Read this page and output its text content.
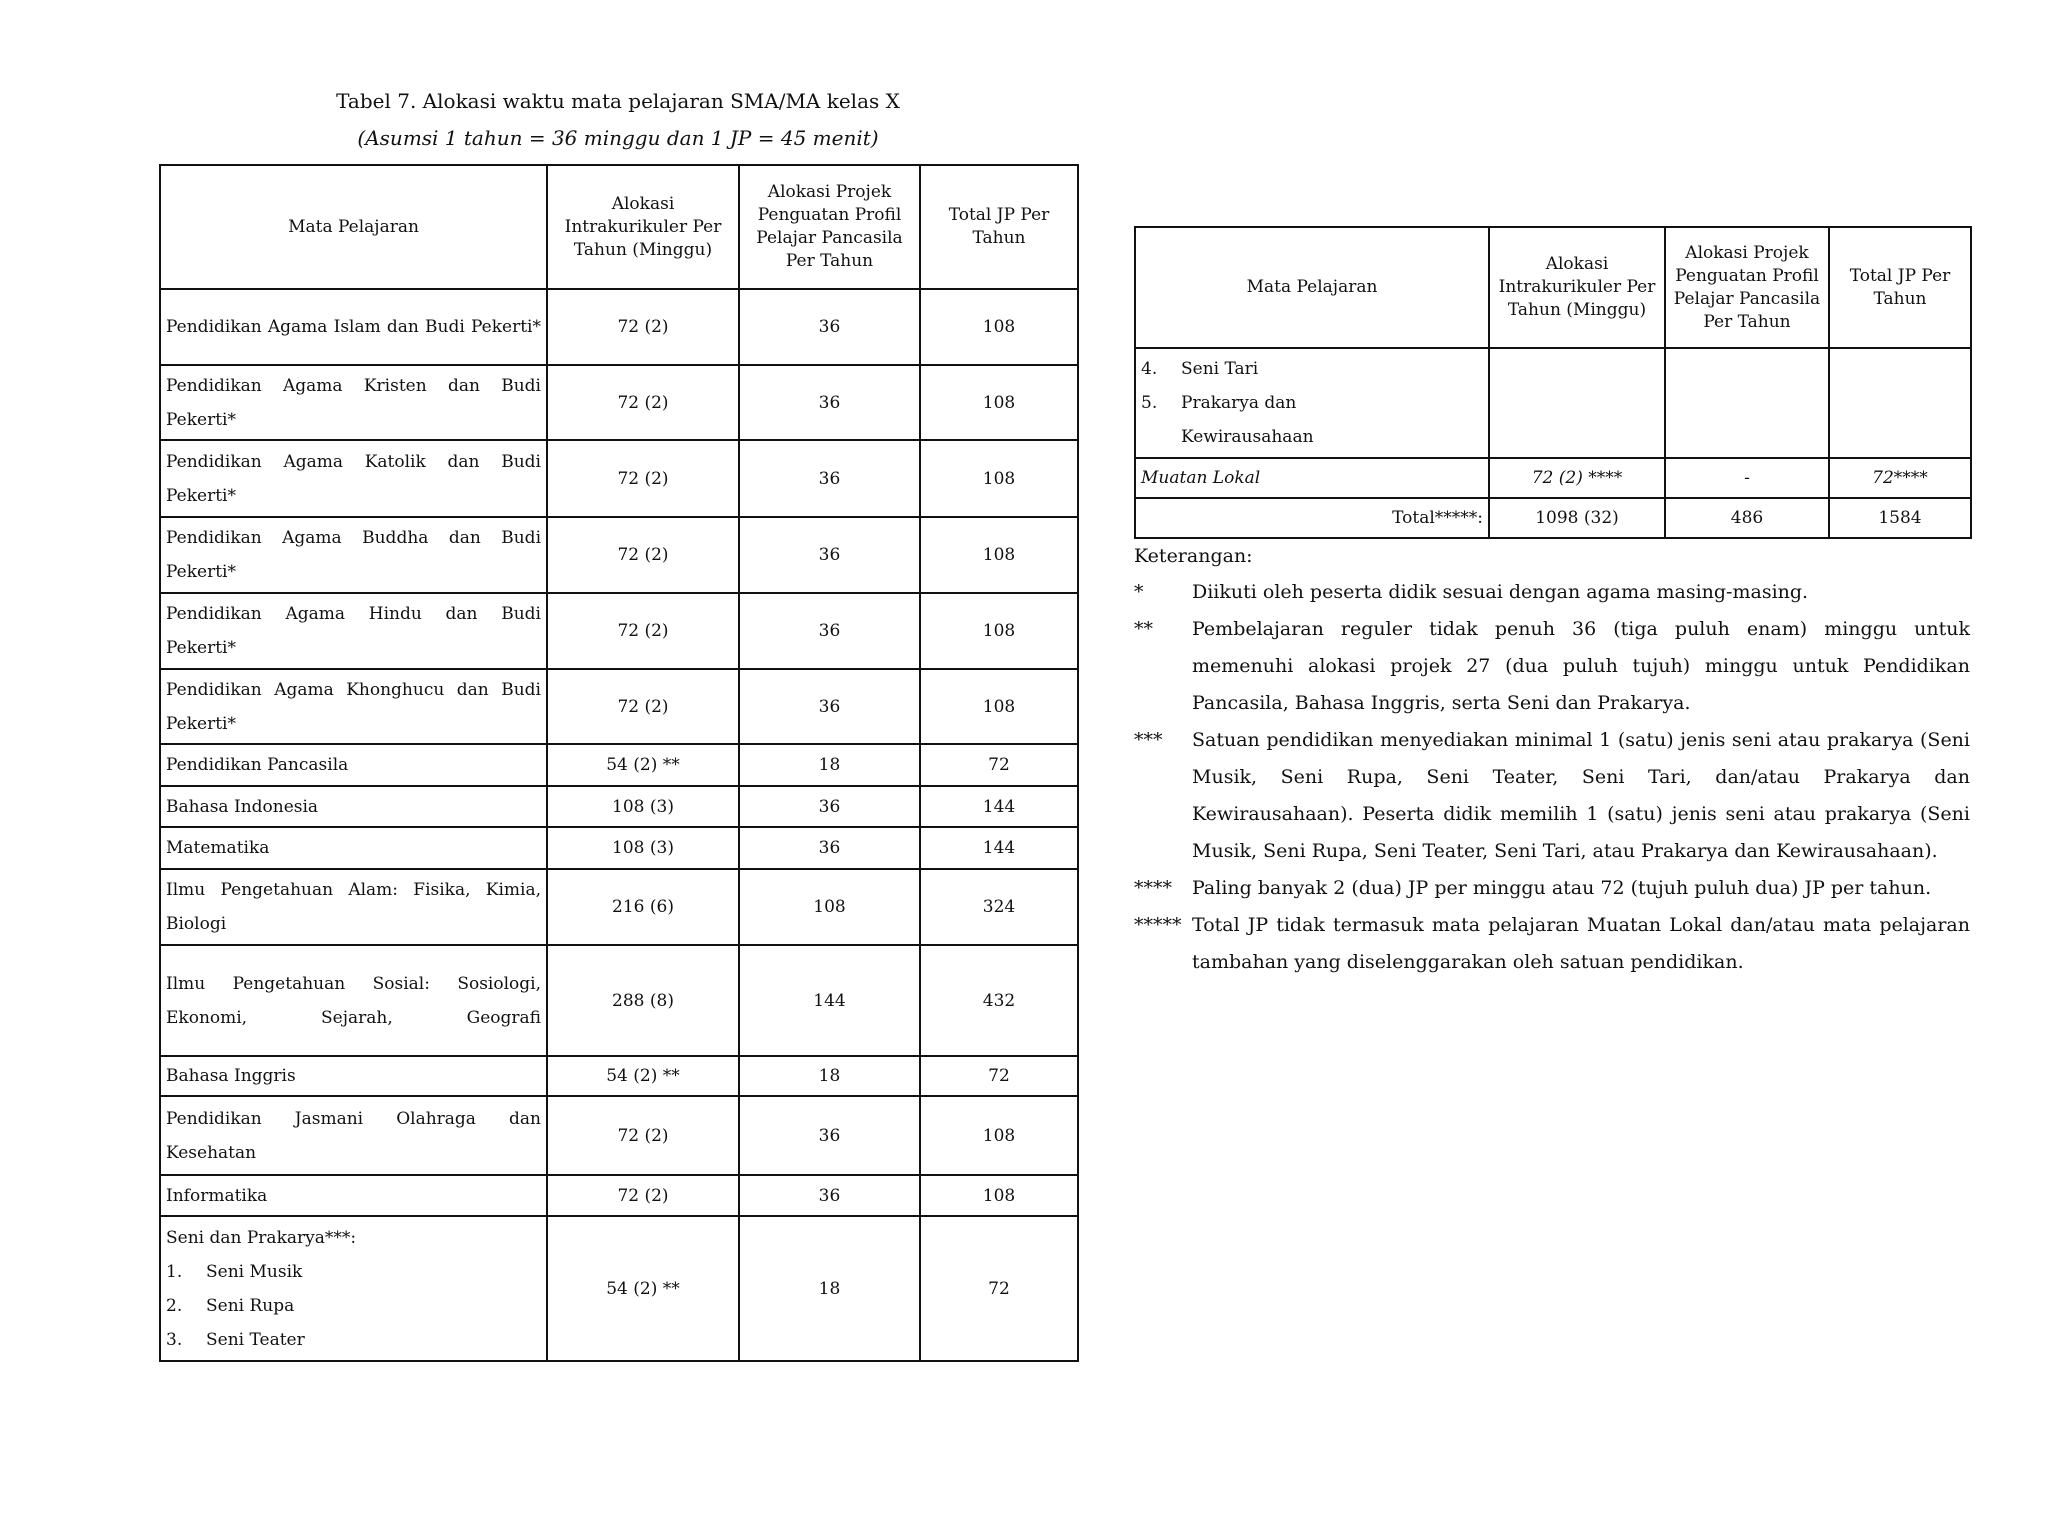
Tabel 7. Alokasi waktu mata pelajaran SMA/MA kelas X
(Asumsi 1 tahun = 36 minggu dan 1 JP = 45 menit)
Mata Pelajaran	Alokasi Intrakurikuler Per Tahun (Minggu)	Alokasi Projek Penguatan Profil Pelajar Pancasila Per Tahun	Total JP Per Tahun
Pendidikan Agama Islam dan Budi Pekerti*	72 (2)	36	108
Pendidikan Agama Kristen dan Budi Pekerti*	72 (2)	36	108
Pendidikan Agama Katolik dan Budi Pekerti*	72 (2)	36	108
Pendidikan Agama Buddha dan Budi Pekerti*	72 (2)	36	108
Pendidikan Agama Hindu dan Budi Pekerti*	72 (2)	36	108
Pendidikan Agama Khonghucu dan Budi Pekerti*	72 (2)	36	108
Pendidikan Pancasila	54 (2) **	18	72
Bahasa Indonesia	108 (3)	36	144
Matematika	108 (3)	36	144
Ilmu Pengetahuan Alam: Fisika, Kimia, Biologi	216 (6)	108	324
Ilmu Pengetahuan Sosial: Sosiologi, Ekonomi, Sejarah, Geografi	288 (8)	144	432
Bahasa Inggris	54 (2) **	18	72
Pendidikan Jasmani Olahraga dan Kesehatan	72 (2)	36	108
Informatika	72 (2)	36	108

Seni dan Prakarya***:
1. Seni Musik
2. Seni Rupa
3. Seni Teater	54 (2) **	18	72
Mata Pelajaran	Alokasi Intrakurikuler Per Tahun (Minggu)	Alokasi Projek Penguatan Profil Pelajar Pancasila Per Tahun	Total JP Per Tahun

4. Seni Tari
5. Prakarya dan
Kewirausahaan			

Muatan Lokal	72 (2) ****	-	72****
Total*****:	1098 (32)	486	1584
Keterangan:
*	Diikuti oleh peserta didik sesuai dengan agama masing-masing.
**	Pembelajaran reguler tidak penuh 36 (tiga puluh enam) minggu untuk memenuhi alokasi projek 27 (dua puluh tujuh) minggu untuk Pendidikan Pancasila, Bahasa Inggris, serta Seni dan Prakarya.
***	Satuan pendidikan menyediakan minimal 1 (satu) jenis seni atau prakarya (Seni Musik, Seni Rupa, Seni Teater, Seni Tari, dan/atau Prakarya dan Kewirausahaan). Peserta didik memilih 1 (satu) jenis seni atau prakarya (Seni Musik, Seni Rupa, Seni Teater, Seni Tari, atau Prakarya dan Kewirausahaan).
****	Paling banyak 2 (dua) JP per minggu atau 72 (tujuh puluh dua) JP per tahun.
***** Total JP tidak termasuk mata pelajaran Muatan Lokal dan/atau mata pelajaran tambahan yang diselenggarakan oleh satuan pendidikan.
